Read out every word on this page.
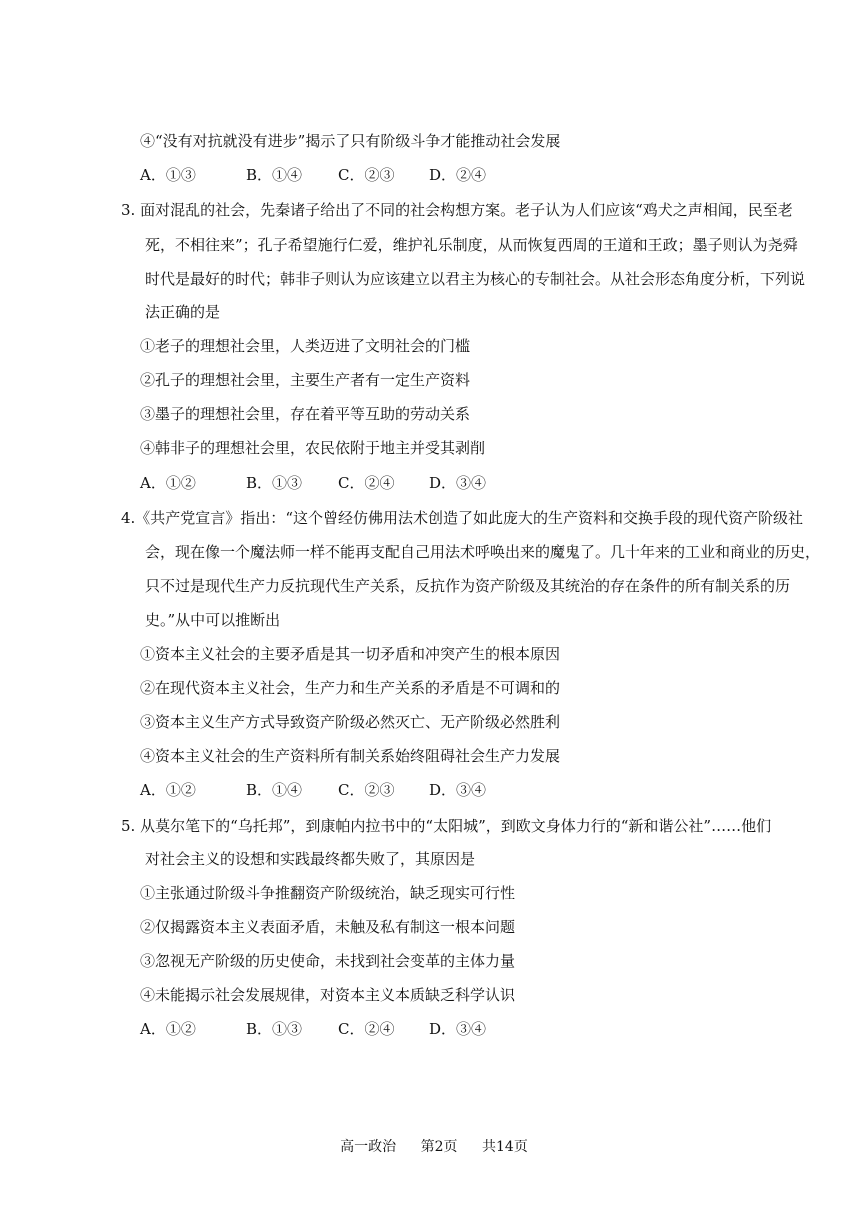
④“没有对抗就没有进步”揭示了只有阶级斗争才能推动社会发展
A．①③	B．①④ C．②③ D．②④
3. 面对混乱的社会，先秦诸子给出了不同的社会构想方案。老子认为人们应该“鸡犬之声相闻，民至老
死，不相往来”；孔子希望施行仁爱，维护礼乐制度，从而恢复西周的王道和王政；墨子则认为尧舜
时代是最好的时代；韩非子则认为应该建立以君主为核心的专制社会。从社会形态角度分析，下列说
法正确的是
①老子的理想社会里，人类迈进了文明社会的门槛
②孔子的理想社会里，主要生产者有一定生产资料
③墨子的理想社会里，存在着平等互助的劳动关系
④韩非子的理想社会里，农民依附于地主并受其剥削
A．①②	B．①③ C．②④ D．③④
4.《共产党宣言》指出：“这个曾经仿佛用法术创造了如此庞大的生产资料和交换手段的现代资产阶级社
会，现在像一个魔法师一样不能再支配自己用法术呼唤出来的魔鬼了。几十年来的工业和商业的历史，
只不过是现代生产力反抗现代生产关系，反抗作为资产阶级及其统治的存在条件的所有制关系的历
史。”从中可以推断出
①资本主义社会的主要矛盾是其一切矛盾和冲突产生的根本原因
②在现代资本主义社会，生产力和生产关系的矛盾是不可调和的
③资本主义生产方式导致资产阶级必然灭亡、无产阶级必然胜利
④资本主义社会的生产资料所有制关系始终阻碍社会生产力发展
A．①②	B．①④ C．②③ D．③④
5. 从莫尔笔下的“乌托邦”，到康帕内拉书中的“太阳城”，到欧文身体力行的“新和谐公社”……他们
对社会主义的设想和实践最终都失败了，其原因是
①主张通过阶级斗争推翻资产阶级统治，缺乏现实可行性
②仅揭露资本主义表面矛盾，未触及私有制这一根本问题
③忽视无产阶级的历史使命，未找到社会变革的主体力量
④未能揭示社会发展规律，对资本主义本质缺乏科学认识
A．①②	B．①③ C．②④ D．③④
高一政治 第2页 共14页
